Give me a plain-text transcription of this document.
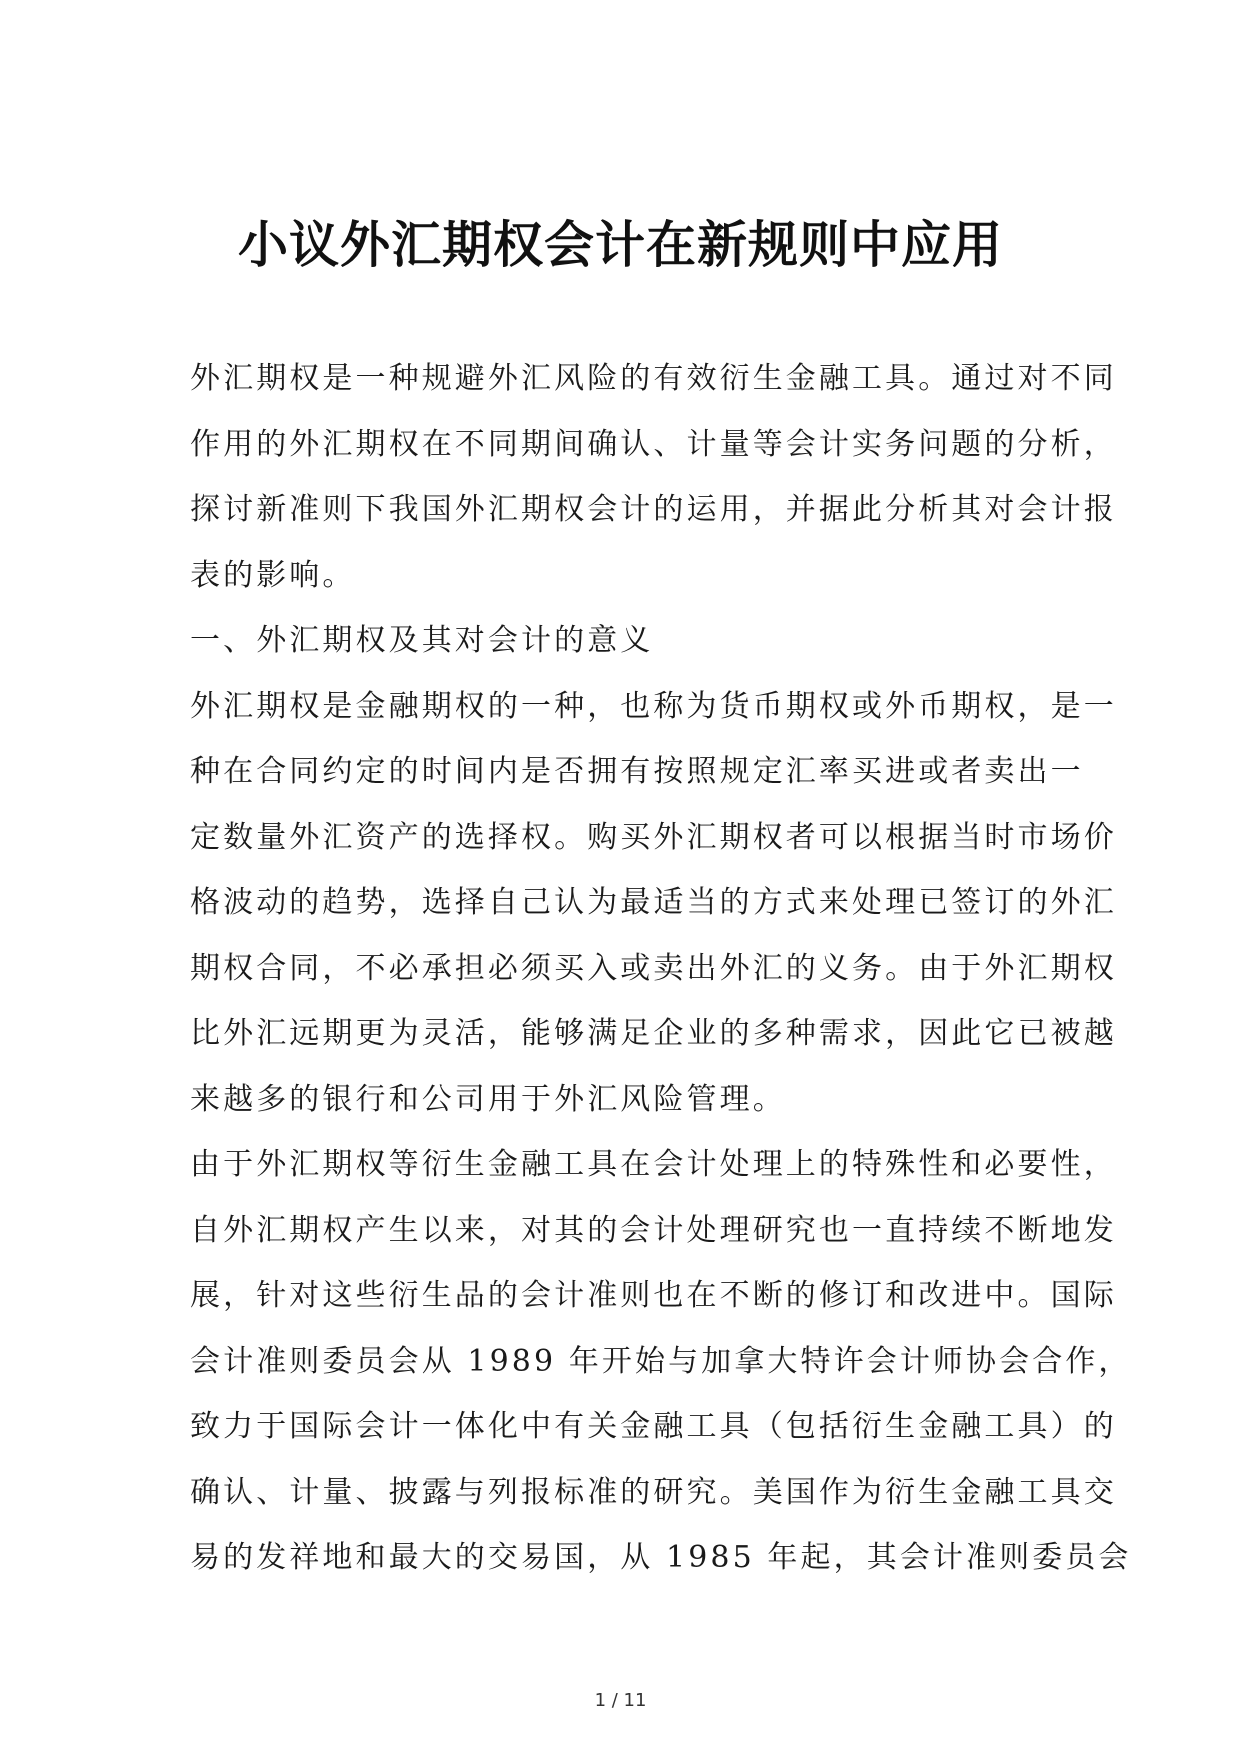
小议外汇期权会计在新规则中应用
外汇期权是一种规避外汇风险的有效衍生金融工具。通过对不同
作用的外汇期权在不同期间确认、计量等会计实务问题的分析，
探讨新准则下我国外汇期权会计的运用，并据此分析其对会计报
表的影响。
一、外汇期权及其对会计的意义
外汇期权是金融期权的一种，也称为货币期权或外币期权，是一
种在合同约定的时间内是否拥有按照规定汇率买进或者卖出一
定数量外汇资产的选择权。购买外汇期权者可以根据当时市场价
格波动的趋势，选择自己认为最适当的方式来处理已签订的外汇
期权合同，不必承担必须买入或卖出外汇的义务。由于外汇期权
比外汇远期更为灵活，能够满足企业的多种需求，因此它已被越
来越多的银行和公司用于外汇风险管理。
由于外汇期权等衍生金融工具在会计处理上的特殊性和必要性，
自外汇期权产生以来，对其的会计处理研究也一直持续不断地发
展，针对这些衍生品的会计准则也在不断的修订和改进中。国际
会计准则委员会从 1989 年开始与加拿大特许会计师协会合作，
致力于国际会计一体化中有关金融工具（包括衍生金融工具）的
确认、计量、披露与列报标准的研究。美国作为衍生金融工具交
易的发祥地和最大的交易国，从 1985 年起，其会计准则委员会
1 / 11
